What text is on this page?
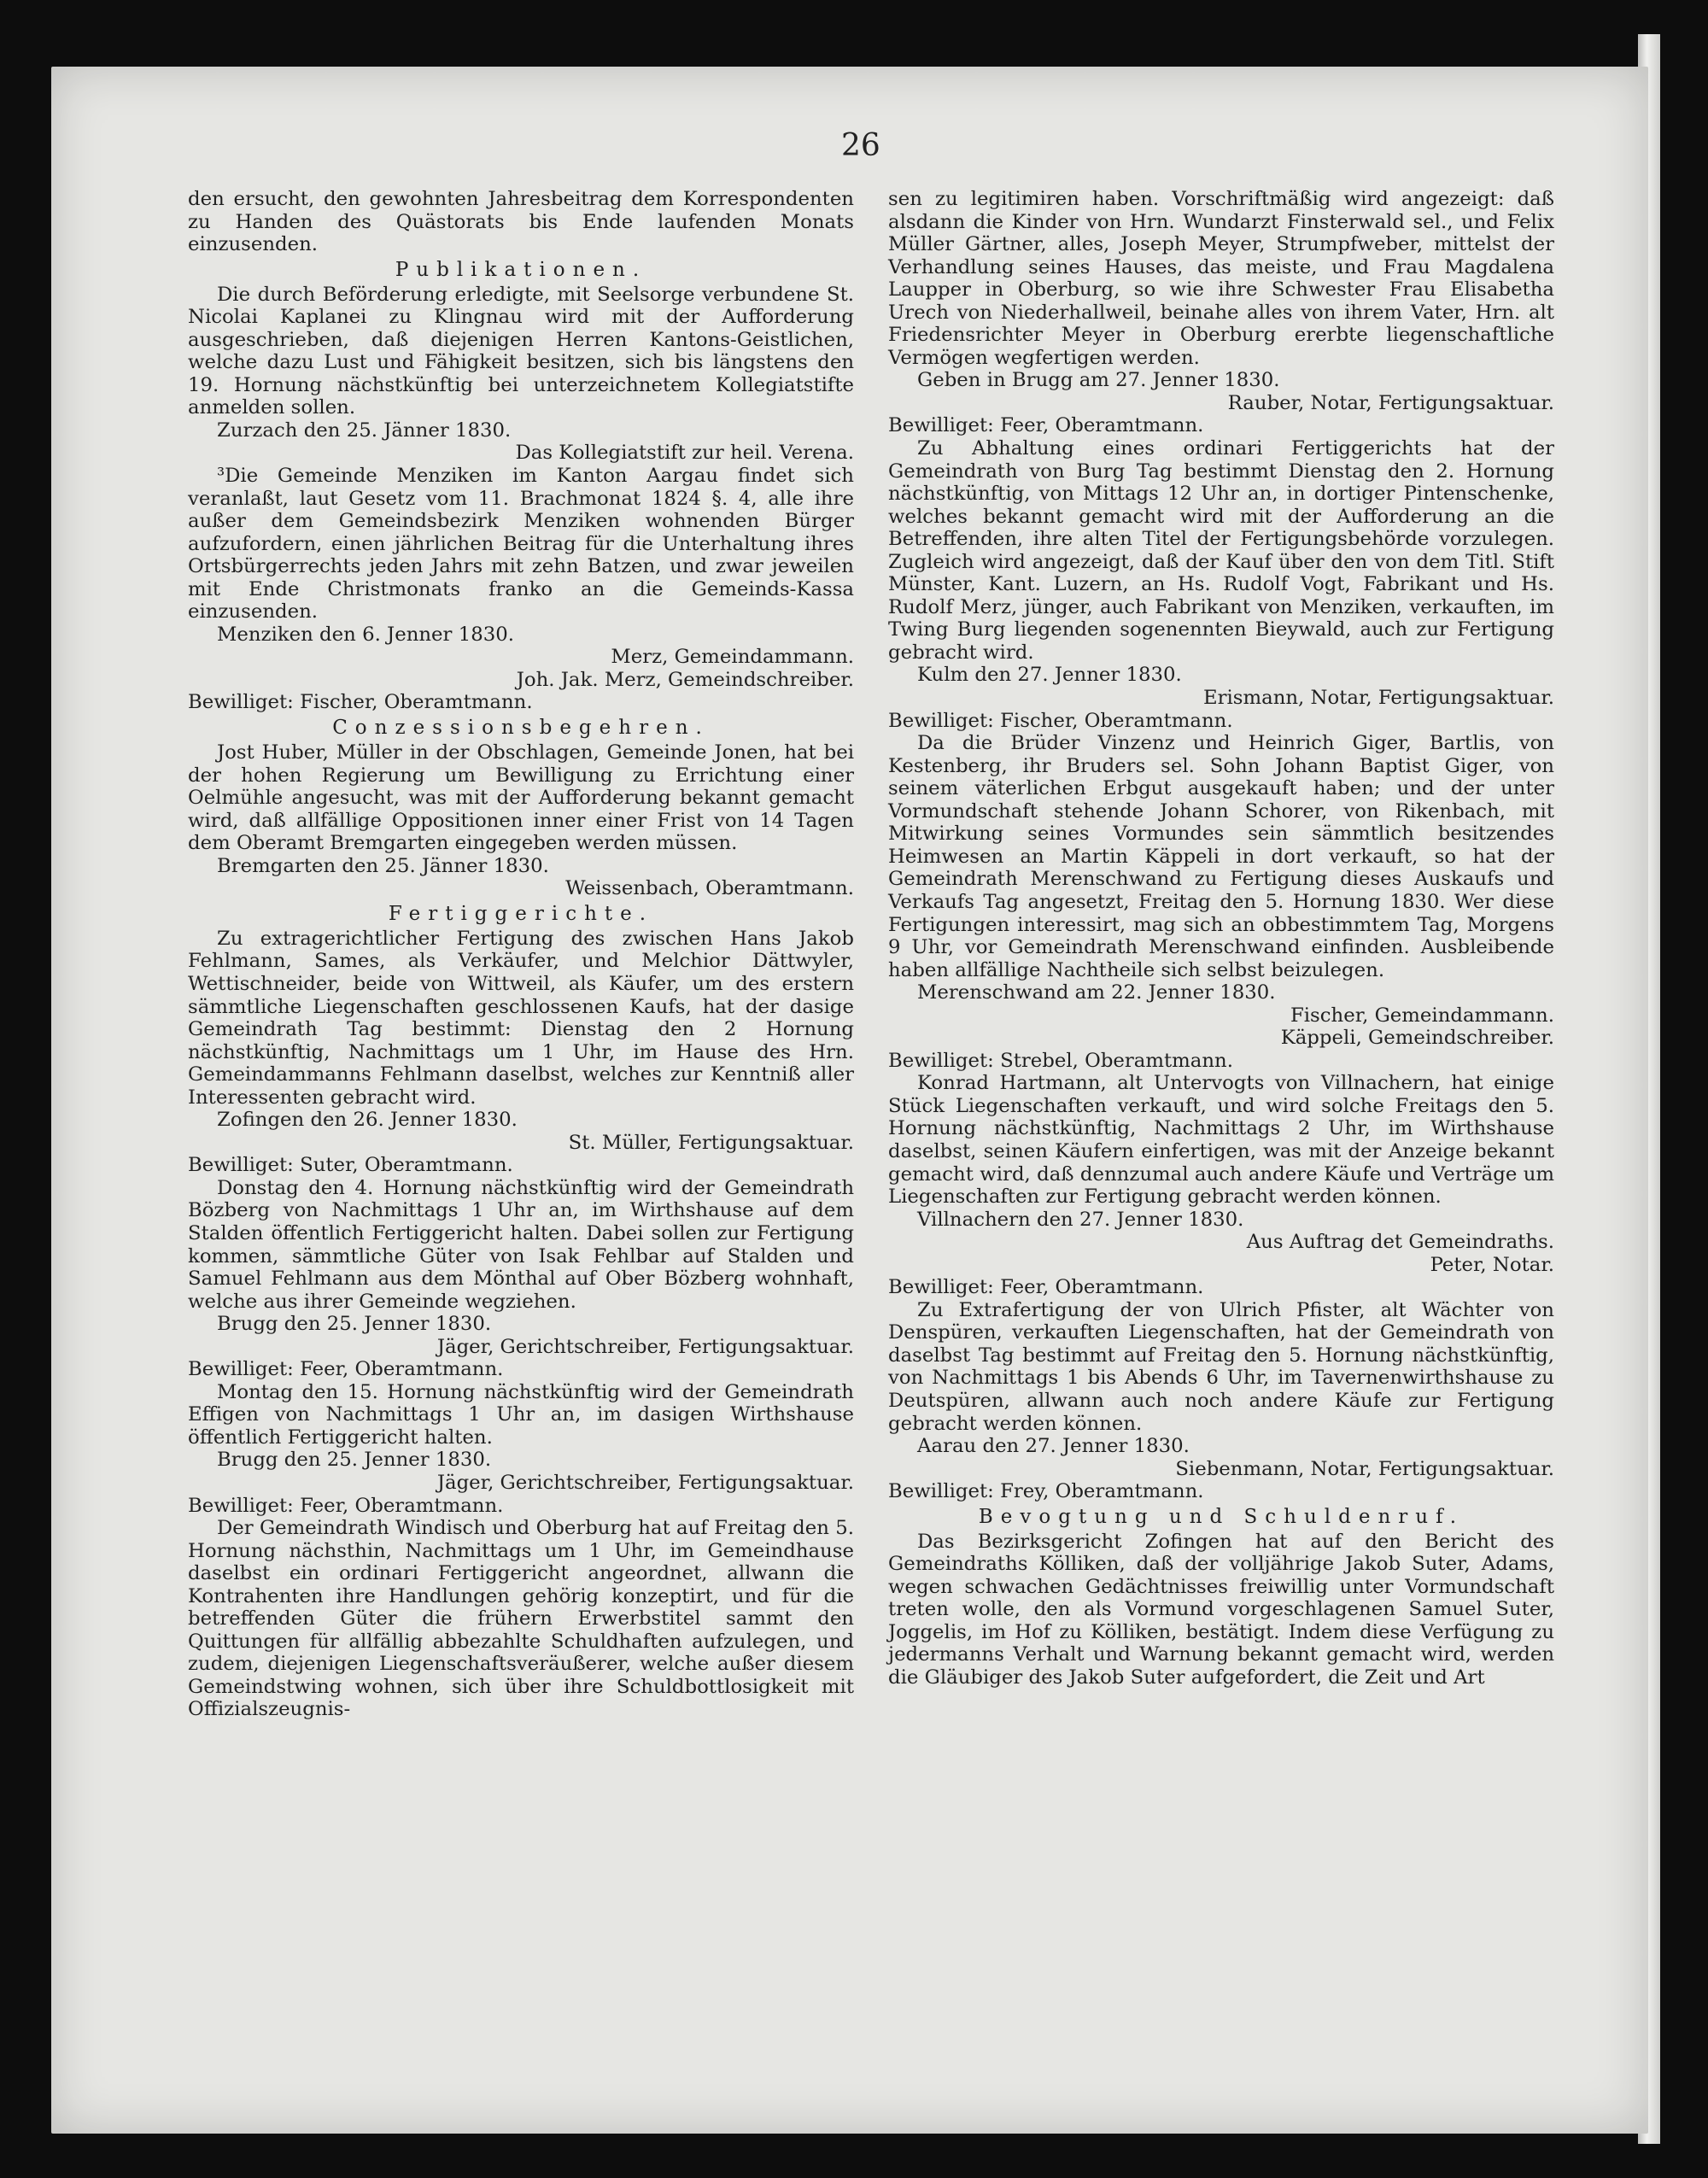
26

den ersucht, den gewohnten Jahresbeitrag dem Korrespondenten zu Handen des Quästorats bis Ende laufenden Monats einzusenden.

Publikationen.

Die durch Beförderung erledigte, mit Seelsorge verbundene St. Nicolai Kaplanei zu Klingnau wird mit der Aufforderung ausgeschrieben, daß diejenigen Herren Kantons-Geistlichen, welche dazu Lust und Fähigkeit besitzen, sich bis längstens den 19. Hornung nächstkünftig bei unterzeichnetem Kollegiatstifte anmelden sollen.

Zurzach den 25. Jänner 1830.
Das Kollegiatstift zur heil. Verena.

³Die Gemeinde Menziken im Kanton Aargau findet sich veranlaßt, laut Gesetz vom 11. Brachmonat 1824 §. 4, alle ihre außer dem Gemeindsbezirk Menziken wohnenden Bürger aufzufordern, einen jährlichen Beitrag für die Unterhaltung ihres Ortsbürgerrechts jeden Jahrs mit zehn Batzen, und zwar jeweilen mit Ende Christmonats franko an die Gemeinds-Kassa einzusenden.

Menziken den 6. Jenner 1830.
Merz, Gemeindammann.
Joh. Jak. Merz, Gemeindschreiber.
Bewilliget: Fischer, Oberamtmann.
Conzessionsbegehren.

Jost Huber, Müller in der Obschlagen, Gemeinde Jonen, hat bei der hohen Regierung um Bewilligung zu Errichtung einer Oelmühle angesucht, was mit der Aufforderung bekannt gemacht wird, daß allfällige Oppositionen inner einer Frist von 14 Tagen dem Oberamt Bremgarten eingegeben werden müssen.

Bremgarten den 25. Jänner 1830.
Weissenbach, Oberamtmann.
Fertiggerichte.

Zu extragerichtlicher Fertigung des zwischen Hans Jakob Fehlmann, Sames, als Verkäufer, und Melchior Dättwyler, Wettischneider, beide von Wittweil, als Käufer, um des erstern sämmtliche Liegenschaften geschlossenen Kaufs, hat der dasige Gemeindrath Tag bestimmt: Dienstag den 2 Hornung nächstkünftig, Nachmittags um 1 Uhr, im Hause des Hrn. Gemeindammanns Fehlmann daselbst, welches zur Kenntniß aller Interessenten gebracht wird.

Zofingen den 26. Jenner 1830.
St. Müller, Fertigungsaktuar.
Bewilliget: Suter, Oberamtmann.

Donstag den 4. Hornung nächstkünftig wird der Gemeindrath Bözberg von Nachmittags 1 Uhr an, im Wirthshause auf dem Stalden öffentlich Fertiggericht halten. Dabei sollen zur Fertigung kommen, sämmtliche Güter von Isak Fehlbar auf Stalden und Samuel Fehlmann aus dem Mönthal auf Ober Bözberg wohnhaft, welche aus ihrer Gemeinde wegziehen.

Brugg den 25. Jenner 1830.
Jäger, Gerichtschreiber, Fertigungsaktuar.
Bewilliget: Feer, Oberamtmann.

Montag den 15. Hornung nächstkünftig wird der Gemeindrath Effigen von Nachmittags 1 Uhr an, im dasigen Wirthshause öffentlich Fertiggericht halten.

Brugg den 25. Jenner 1830.
Jäger, Gerichtschreiber, Fertigungsaktuar.
Bewilliget: Feer, Oberamtmann.

Der Gemeindrath Windisch und Oberburg hat auf Freitag den 5. Hornung nächsthin, Nachmittags um 1 Uhr, im Gemeindhause daselbst ein ordinari Fertiggericht angeordnet, allwann die Kontrahenten ihre Handlungen gehörig konzeptirt, und für die betreffenden Güter die frühern Erwerbstitel sammt den Quittungen für allfällig abbezahlte Schuldhaften aufzulegen, und zudem, diejenigen Liegenschaftsveräußerer, welche außer diesem Gemeindstwing wohnen, sich über ihre Schuldbottlosigkeit mit Offizialszeugnis-

sen zu legitimiren haben. Vorschriftmäßig wird angezeigt: daß alsdann die Kinder von Hrn. Wundarzt Finsterwald sel., und Felix Müller Gärtner, alles, Joseph Meyer, Strumpfweber, mittelst der Verhandlung seines Hauses, das meiste, und Frau Magdalena Laupper in Oberburg, so wie ihre Schwester Frau Elisabetha Urech von Niederhallweil, beinahe alles von ihrem Vater, Hrn. alt Friedensrichter Meyer in Oberburg ererbte liegenschaftliche Vermögen wegfertigen werden.

Geben in Brugg am 27. Jenner 1830.
Rauber, Notar, Fertigungsaktuar.
Bewilliget: Feer, Oberamtmann.

Zu Abhaltung eines ordinari Fertiggerichts hat der Gemeindrath von Burg Tag bestimmt Dienstag den 2. Hornung nächstkünftig, von Mittags 12 Uhr an, in dortiger Pintenschenke, welches bekannt gemacht wird mit der Aufforderung an die Betreffenden, ihre alten Titel der Fertigungsbehörde vorzulegen. Zugleich wird angezeigt, daß der Kauf über den von dem Titl. Stift Münster, Kant. Luzern, an Hs. Rudolf Vogt, Fabrikant und Hs. Rudolf Merz, jünger, auch Fabrikant von Menziken, verkauften, im Twing Burg liegenden sogenennten Bieywald, auch zur Fertigung gebracht wird.

Kulm den 27. Jenner 1830.
Erismann, Notar, Fertigungsaktuar.
Bewilliget: Fischer, Oberamtmann.

Da die Brüder Vinzenz und Heinrich Giger, Bartlis, von Kestenberg, ihr Bruders sel. Sohn Johann Baptist Giger, von seinem väterlichen Erbgut ausgekauft haben; und der unter Vormundschaft stehende Johann Schorer, von Rikenbach, mit Mitwirkung seines Vormundes sein sämmtlich besitzendes Heimwesen an Martin Käppeli in dort verkauft, so hat der Gemeindrath Merenschwand zu Fertigung dieses Auskaufs und Verkaufs Tag angesetzt, Freitag den 5. Hornung 1830. Wer diese Fertigungen interessirt, mag sich an obbestimmtem Tag, Morgens 9 Uhr, vor Gemeindrath Merenschwand einfinden. Ausbleibende haben allfällige Nachtheile sich selbst beizulegen.

Merenschwand am 22. Jenner 1830.
Fischer, Gemeindammann.
Käppeli, Gemeindschreiber.
Bewilliget: Strebel, Oberamtmann.

Konrad Hartmann, alt Untervogts von Villnachern, hat einige Stück Liegenschaften verkauft, und wird solche Freitags den 5. Hornung nächstkünftig, Nachmittags 2 Uhr, im Wirthshause daselbst, seinen Käufern einfertigen, was mit der Anzeige bekannt gemacht wird, daß dennzumal auch andere Käufe und Verträge um Liegenschaften zur Fertigung gebracht werden können.

Villnachern den 27. Jenner 1830.
Aus Auftrag det Gemeindraths.
Peter, Notar.
Bewilliget: Feer, Oberamtmann.

Zu Extrafertigung der von Ulrich Pfister, alt Wächter von Denspüren, verkauften Liegenschaften, hat der Gemeindrath von daselbst Tag bestimmt auf Freitag den 5. Hornung nächstkünftig, von Nachmittags 1 bis Abends 6 Uhr, im Tavernenwirthshause zu Deutspüren, allwann auch noch andere Käufe zur Fertigung gebracht werden können.

Aarau den 27. Jenner 1830.
Siebenmann, Notar, Fertigungsaktuar.
Bewilliget: Frey, Oberamtmann.
Bevogtung und Schuldenruf.

Das Bezirksgericht Zofingen hat auf den Bericht des Gemeindraths Kölliken, daß der volljährige Jakob Suter, Adams, wegen schwachen Gedächtnisses freiwillig unter Vormundschaft treten wolle, den als Vormund vorgeschlagenen Samuel Suter, Joggelis, im Hof zu Kölliken, bestätigt. Indem diese Verfügung zu jedermanns Verhalt und Warnung bekannt gemacht wird, werden die Gläubiger des Jakob Suter aufgefordert, die Zeit und Art
